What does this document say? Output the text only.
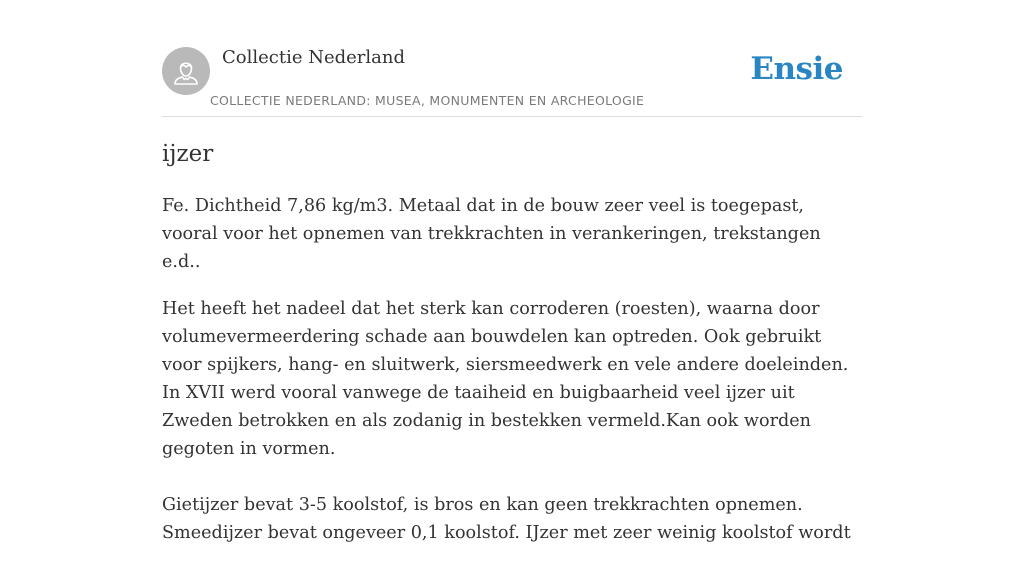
Collectie Nederland
COLLECTIE NEDERLAND: MUSEA, MONUMENTEN EN ARCHEOLOGIE
Ensie
ijzer

Fe. Dichtheid 7,86 kg/m3. Metaal dat in de bouw zeer veel is toegepast, vooral voor het opnemen van trekkrachten in verankeringen, trekstangen e.d..

Het heeft het nadeel dat het sterk kan corroderen (roesten), waarna door volumevermeerdering schade aan bouwdelen kan optreden. Ook gebruikt voor spijkers, hang- en sluitwerk, siersmeedwerk en vele andere doeleinden. In XVII werd vooral vanwege de taaiheid en buigbaarheid veel ijzer uit Zweden betrokken en als zodanig in bestekken vermeld.Kan ook worden gegoten in vormen.

Gietijzer bevat 3-5 koolstof, is bros en kan geen trekkrachten opnemen. Smeedijzer bevat ongeveer 0,1 koolstof. IJzer met zeer weinig koolstof wordt
